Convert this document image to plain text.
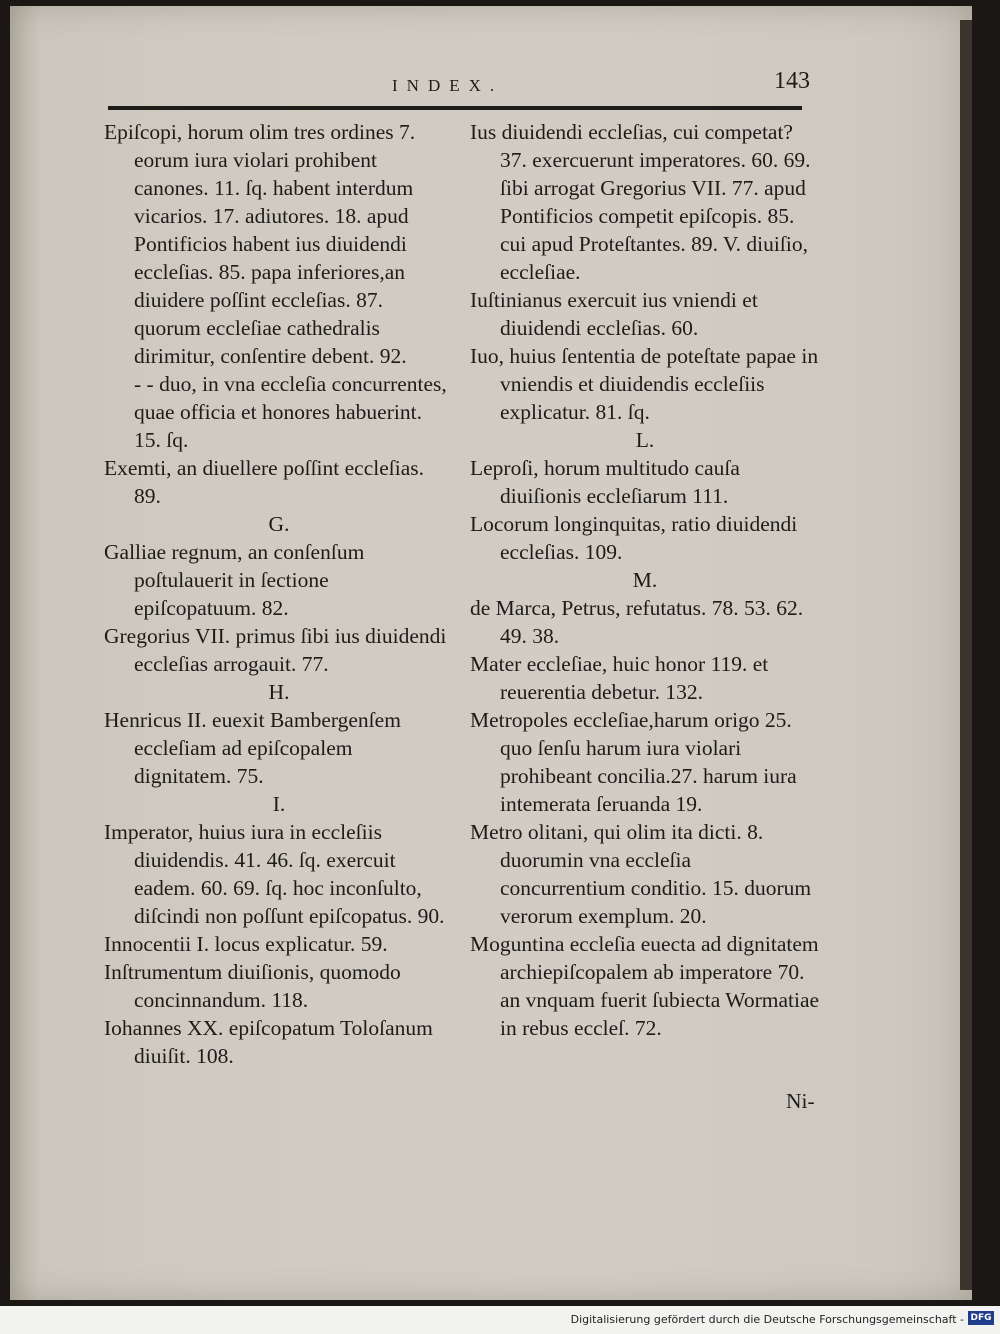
INDEX.	143

Epiſcopi, horum olim tres ordines 7. eorum iura violari prohibent canones. 11. ſq. habent interdum vicarios. 17. adiutores. 18. apud Pontificios habent ius diuidendi eccleſias. 85. papa inferiores,an diuidere poſſint eccleſias. 87. quorum eccleſiae cathedralis dirimitur, conſentire debent. 92.

- - duo, in vna eccleſia concurrentes, quae officia et honores habuerint. 15. ſq.

Exemti, an diuellere poſſint eccleſias. 89.

G.

Galliae regnum, an conſenſum poſtulauerit in ſectione epiſcopatuum. 82.

Gregorius VII. primus ſibi ius diuidendi eccleſias arrogauit. 77.

H.

Henricus II. euexit Bambergenſem eccleſiam ad epiſcopalem dignitatem. 75.

I.

Imperator, huius iura in eccleſiis diuidendis. 41. 46. ſq. exercuit eadem. 60. 69. ſq. hoc inconſulto, diſcindi non poſſunt epiſcopatus. 90.

Innocentii I. locus explicatur. 59.

Inſtrumentum diuiſionis, quomodo concinnandum. 118.

Iohannes XX. epiſcopatum Toloſanum diuiſit. 108.

Ius diuidendi eccleſias, cui competat? 37. exercuerunt imperatores. 60. 69. ſibi arrogat Gregorius VII. 77. apud Pontificios competit epiſcopis. 85. cui apud Proteſtantes. 89. V. diuiſio, eccleſiae.

Iuſtinianus exercuit ius vniendi et diuidendi eccleſias. 60.

Iuo, huius ſententia de poteſtate papae in vniendis et diuidendis eccleſiis explicatur. 81. ſq.

L.

Leproſi, horum multitudo cauſa diuiſionis eccleſiarum 111.

Locorum longinquitas, ratio diuidendi eccleſias. 109.

M.

de Marca, Petrus, refutatus. 78. 53. 62. 49. 38.

Mater eccleſiae, huic honor 119. et reuerentia debetur. 132.

Metropoles eccleſiae,harum origo 25. quo ſenſu harum iura violari prohibeant concilia.27. harum iura intemerata ſeruanda 19.

Metro olitani, qui olim ita dicti. 8. duorumin vna eccleſia concurrentium conditio. 15. duorum verorum exemplum. 20.

Moguntina eccleſia euecta ad dignitatem archiepiſcopalem ab imperatore 70. an vnquam fuerit ſubiecta Wormatiae in rebus eccleſ. 72.

Ni-
Digitalisierung gefördert durch die Deutsche Forschungsgemeinschaft - DFG
